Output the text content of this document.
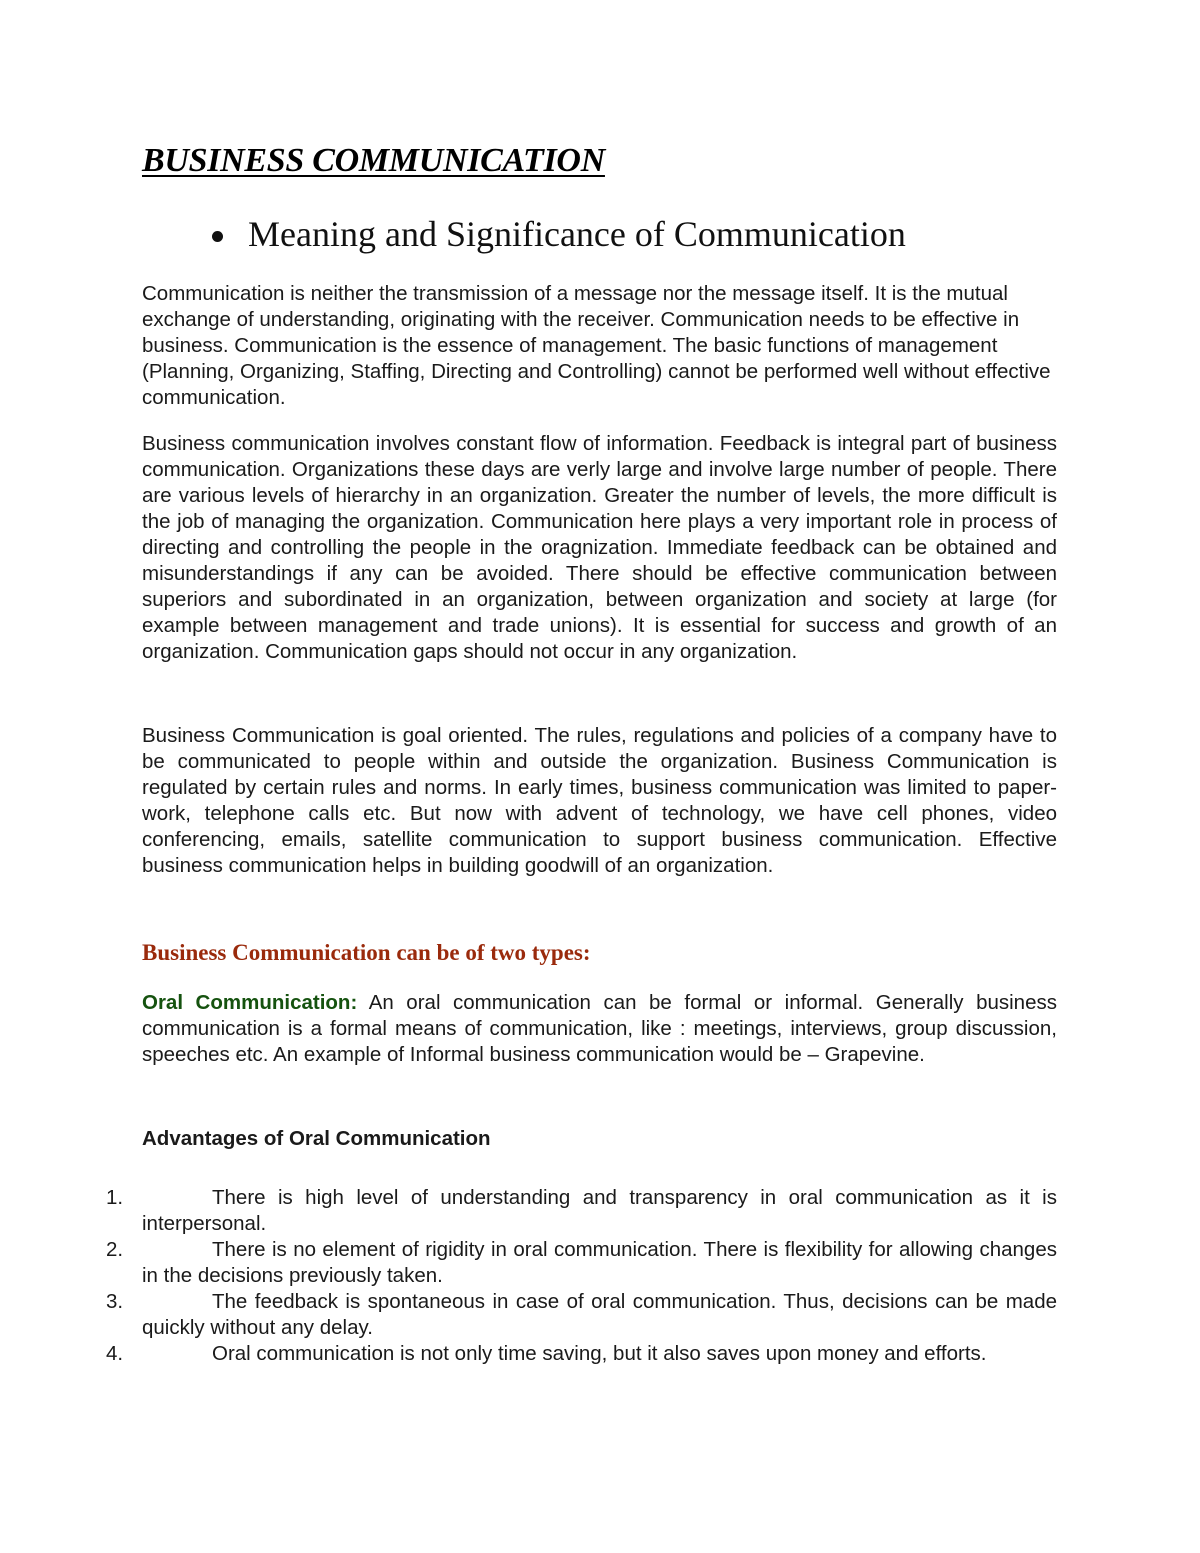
BUSINESS COMMUNICATION
Meaning and Significance of Communication

Communication is neither the transmission of a message nor the message itself. It is the mutual exchange of understanding, originating with the receiver. Communication needs to be effective in business. Communication is the essence of management. The basic functions of management (Planning, Organizing, Staffing, Directing and Controlling) cannot be performed well without effective communication.

Business communication involves constant flow of information. Feedback is integral part of business communication. Organizations these days are verly large and involve large number of people. There are various levels of hierarchy in an organization. Greater the number of levels, the more difficult is the job of managing the organization. Communication here plays a very important role in process of directing and controlling the people in the oragnization. Immediate feedback can be obtained and misunderstandings if any can be avoided. There should be effective communication between superiors and subordinated in an organization, between organization and society at large (for example between management and trade unions). It is essential for success and growth of an organization. Communication gaps should not occur in any organization.

Business Communication is goal oriented. The rules, regulations and policies of a company have to be communicated to people within and outside the organization. Business Communication is regulated by certain rules and norms. In early times, business communication was limited to paper-work, telephone calls etc. But now with advent of technology, we have cell phones, video conferencing, emails, satellite communication to support business communication. Effective business communication helps in building goodwill of an organization.

Business Communication can be of two types:

Oral Communication: An oral communication can be formal or informal. Generally business communication is a formal means of communication, like : meetings, interviews, group discussion, speeches etc. An example of Informal business communication would be – Grapevine.

Advantages of Oral Communication
1.	There is high level of understanding and transparency in oral communication as it is interpersonal.
2.	There is no element of rigidity in oral communication. There is flexibility for allowing changes in the decisions previously taken.
3.	The feedback is spontaneous in case of oral communication. Thus, decisions can be made quickly without any delay.
4.	Oral communication is not only time saving, but it also saves upon money and efforts.
